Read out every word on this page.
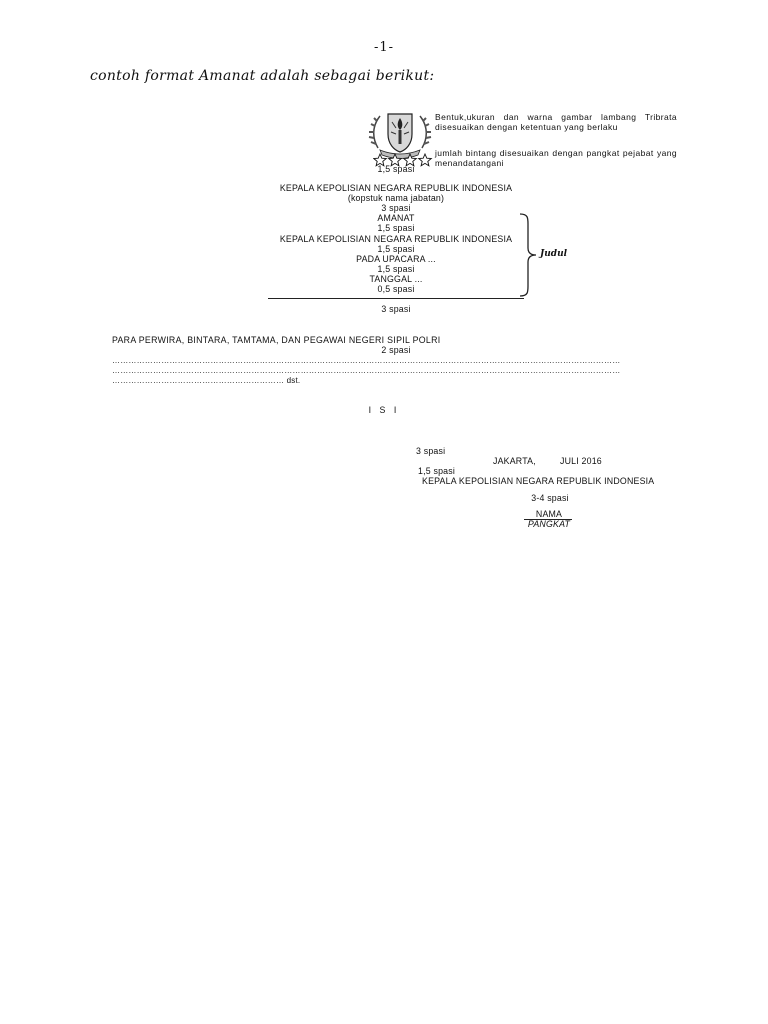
-1-
contoh format Amanat adalah sebagai berikut:
Bentuk,ukuran dan warna gambar lambang Tribrata disesuaikan dengan ketentuan yang berlaku
jumlah bintang disesuaikan dengan pangkat pejabat yang menandatangani
1,5 spasi
KEPALA KEPOLISIAN NEGARA REPUBLIK INDONESIA
(kopstuk nama jabatan)
3 spasi
AMANAT
1,5 spasi
KEPALA KEPOLISIAN NEGARA REPUBLIK INDONESIA
1,5 spasi
PADA UPACARA ...
1,5 spasi
TANGGAL ...
0,5 spasi
3 spasi
Judul
PARA PERWIRA, BINTARA, TAMTAMA, DAN PEGAWAI NEGERI SIPIL POLRI
2 spasi
……………………………………………………………………………………………………………………………………………………………………
……………………………………………………………………………………………………………………………………………………………………
……………………………………………………… dst.
I S I
3 spasi
JAKARTA,	JULI 2016
1,5 spasi
KEPALA KEPOLISIAN NEGARA REPUBLIK INDONESIA
3-4 spasi
NAMA
PANGKAT
